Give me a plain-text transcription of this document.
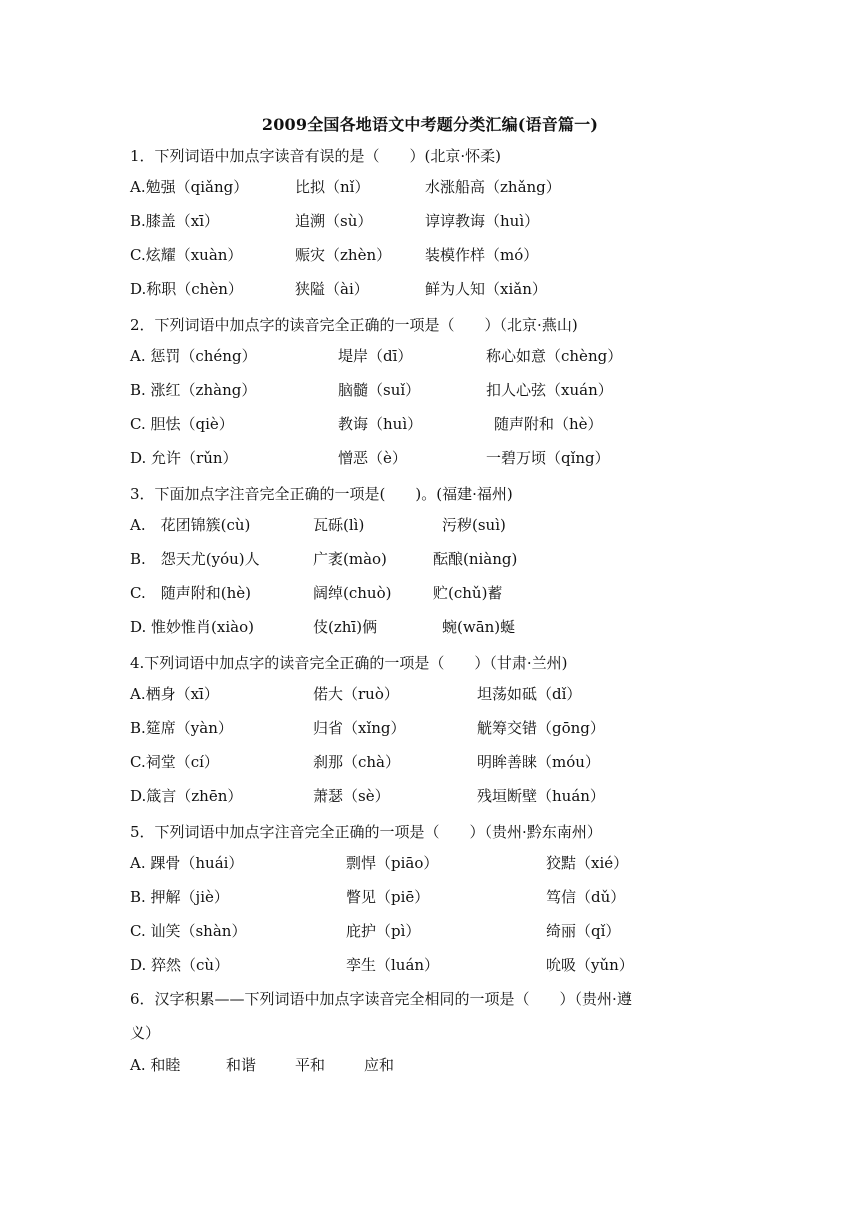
2009全国各地语文中考题分类汇编(语音篇一)
1．下列词语中加点字读音有误的是（　　）(北京·怀柔)
A.勉强（qiǎng）	比拟（nǐ）	水涨船高（zhǎng）
B.膝盖（xī）	追溯（sù）	谆谆教诲（huì）
C.炫耀（xuàn）	赈灾（zhèn） 装模作样（mó）
D.称职（chèn）	狭隘（ài）	鲜为人知（xiǎn）
2．下列词语中加点字的读音完全正确的一项是（　　）（北京·燕山)
A. 惩罚（chéng）	堤岸（dī）	称心如意（chèng）
B. 涨红（zhàng）	脑髓（suǐ）	扣人心弦（xuán）
C. 胆怯（qiè）	教诲（huì）	随声附和（hè）
D. 允许（rǔn）	憎恶（è）	一碧万顷（qǐng）
3．下面加点字注音完全正确的一项是(　　)。(福建·福州)
A.　花团锦簇(cù)	瓦砾(lì)	污秽(suì)
B.　怨天尤(yóu)人	广袤(mào)	酝酿(niàng)
C.　随声附和(hè)	阔绰(chuò)	贮(chǔ)蓄
D. 惟妙惟肖(xiào)	伎(zhī)俩	蜿(wān)蜒
4.下列词语中加点字的读音完全正确的一项是（　　）（甘肃·兰州)
A.栖身（xī）	偌大（ruò）	坦荡如砥（dǐ）
B.筵席（yàn）	归省（xǐng）	觥筹交错（gōng）
C.祠堂（cí）	刹那（chà）	明眸善睐（móu）
D.箴言（zhēn）	萧瑟（sè）	残垣断壁（huán）
5．下列词语中加点字注音完全正确的一项是（　　）（贵州·黔东南州）
A. 踝骨（huái）	剽悍（piāo）	狡黠（xié）
B. 押解（jiè）	瞥见（piē）	笃信（dǔ）
C. 讪笑（shàn）	庇护（pì）	绮丽（qǐ）
D. 猝然（cù）	孪生（luán）	吮吸（yǔn）
6．汉字积累——下列词语中加点字读音完全相同的一项是（　　）（贵州·遵
义）
A. 和睦	和谐	平和	应和
